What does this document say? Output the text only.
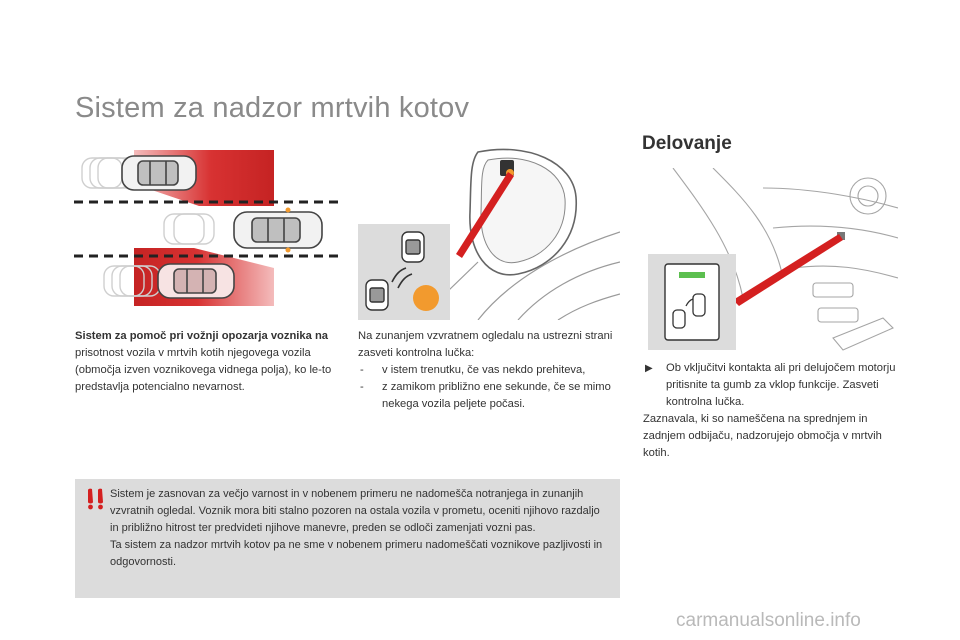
Sistem za nadzor mrtvih kotov
Delovanje
Sistem za pomoč pri vožnji opozarja voznika na prisotnost vozila v mrtvih kotih njegovega vozila (območja izven voznikovega vidnega polja), ko le-to predstavlja potencialno nevarnost.
Na zunanjem vzvratnem ogledalu na ustrezni strani zasveti kontrolna lučka:
- v istem trenutku, če vas nekdo prehiteva,
- z zamikom približno ene sekunde, če se mimo nekega vozila peljete počasi.
▶ Ob vključitvi kontakta ali pri delujočem motorju pritisnite ta gumb za vklop funkcije. Zasveti kontrolna lučka.
Zaznavala, ki so nameščena na sprednjem in zadnjem odbijaču, nadzorujejo območja v mrtvih kotih.
Sistem je zasnovan za večjo varnost in v nobenem primeru ne nadomešča notranjega in zunanjih vzvratnih ogledal. Voznik mora biti stalno pozoren na ostala vozila v prometu, oceniti njihovo razdaljo in približno hitrost ter predvideti njihove manevre, preden se odloči zamenjati vozni pas.
Ta sistem za nadzor mrtvih kotov pa ne sme v nobenem primeru nadomeščati voznikove pazljivosti in odgovornosti.
carmanualsonline.info
